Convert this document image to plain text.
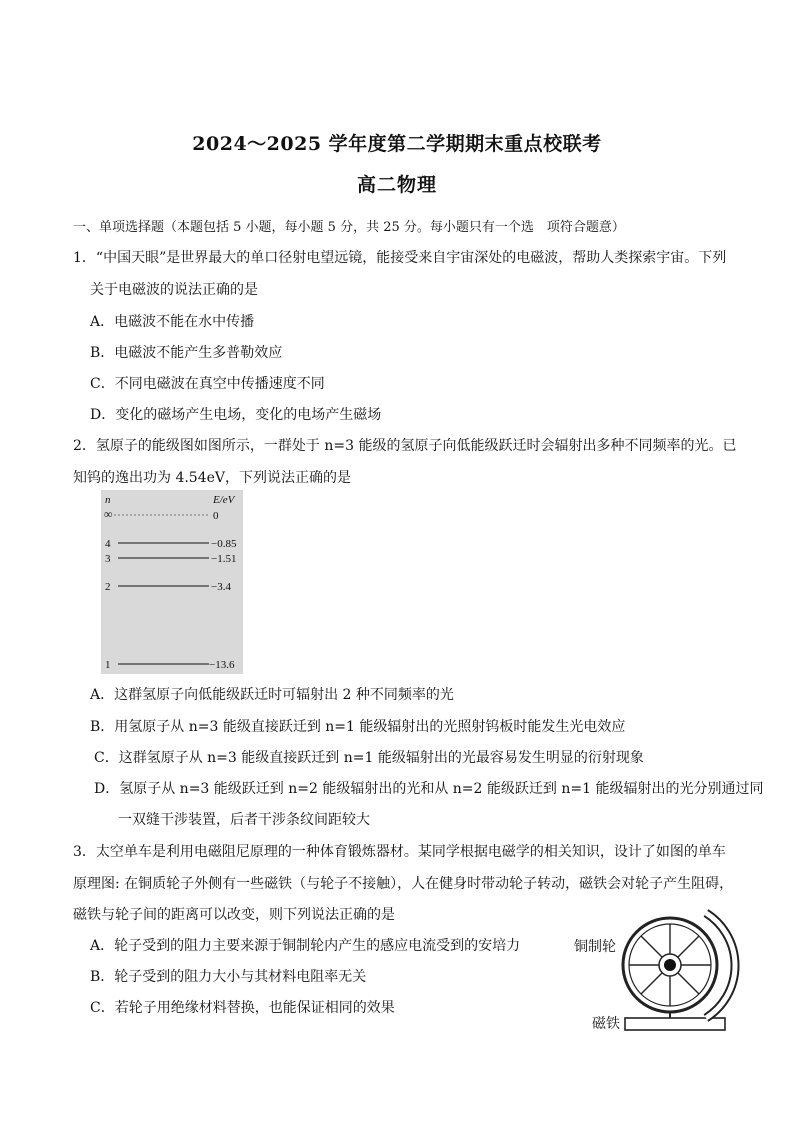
2024～2025 学年度第二学期期末重点校联考
高二物理
一、单项选择题（本题包括 5 小题，每小题 5 分，共 25 分。每小题只有一个选　项符合题意）
1．“中国天眼”是世界最大的单口径射电望远镜，能接受来自宇宙深处的电磁波，帮助人类探索宇宙。下列
关于电磁波的说法正确的是
A．电磁波不能在水中传播
B．电磁波不能产生多普勒效应
C．不同电磁波在真空中传播速度不同
D．变化的磁场产生电场，变化的电场产生磁场
2．氢原子的能级图如图所示，一群处于 n=3 能级的氢原子向低能级跃迁时会辐射出多种不同频率的光。已
知钨的逸出功为 4.54eV，下列说法正确的是
n	E/eV
∞	0
4	−0.85
3	−1.51
2	−3.4
1	−13.6
A．这群氢原子向低能级跃迁时可辐射出 2 种不同频率的光
B．用氢原子从 n=3 能级直接跃迁到 n=1 能级辐射出的光照射钨板时能发生光电效应
C．这群氢原子从 n=3 能级直接跃迁到 n=1 能级辐射出的光最容易发生明显的衍射现象
D．氢原子从 n=3 能级跃迁到 n=2 能级辐射出的光和从 n=2 能级跃迁到 n=1 能级辐射出的光分别通过同
一双缝干涉装置，后者干涉条纹间距较大
3．太空单车是利用电磁阻尼原理的一种体育锻炼器材。某同学根据电磁学的相关知识，设计了如图的单车
原理图: 在铜质轮子外侧有一些磁铁（与轮子不接触），人在健身时带动轮子转动，磁铁会对轮子产生阻碍，
磁铁与轮子间的距离可以改变，则下列说法正确的是
A．轮子受到的阻力主要来源于铜制轮内产生的感应电流受到的安培力
B．轮子受到的阻力大小与其材料电阻率无关
C．若轮子用绝缘材料替换，也能保证相同的效果
铜制轮
磁铁
